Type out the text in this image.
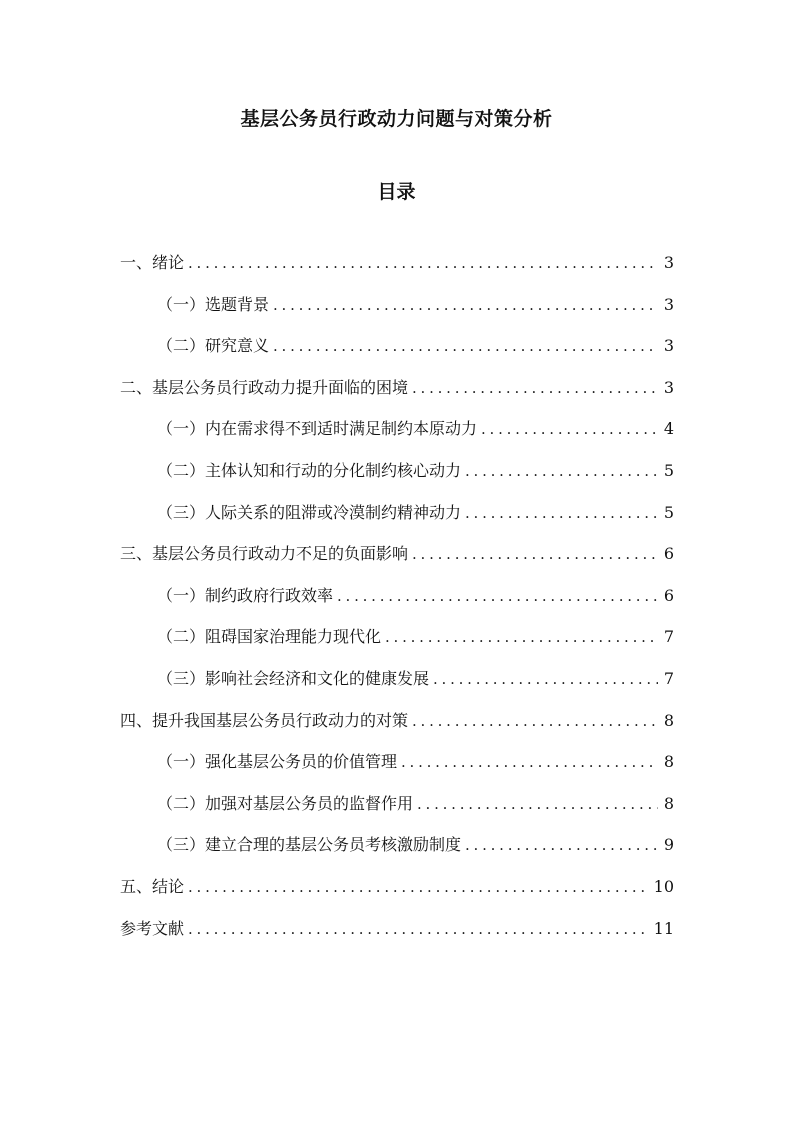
基层公务员行政动力问题与对策分析
目录
一、绪论 . . .	3
（一）选题背景 . . .	3
（二）研究意义 . . .	3
二、基层公务员行政动力提升面临的困境 . . .	3
（一）内在需求得不到适时满足制约本原动力 . . .	4
（二）主体认知和行动的分化制约核心动力 . . .	5
（三）人际关系的阻滞或冷漠制约精神动力 . . .	5
三、基层公务员行政动力不足的负面影响 . . .	6
（一）制约政府行政效率 . . .	6
（二）阻碍国家治理能力现代化 . . .	7
（三）影响社会经济和文化的健康发展 . . .	7
四、提升我国基层公务员行政动力的对策 . . .	8
（一）强化基层公务员的价值管理 . . .	8
（二）加强对基层公务员的监督作用 . . .	8
（三）建立合理的基层公务员考核激励制度 . . .	9
五、结论 . . .	10
参考文献 . . .	11
